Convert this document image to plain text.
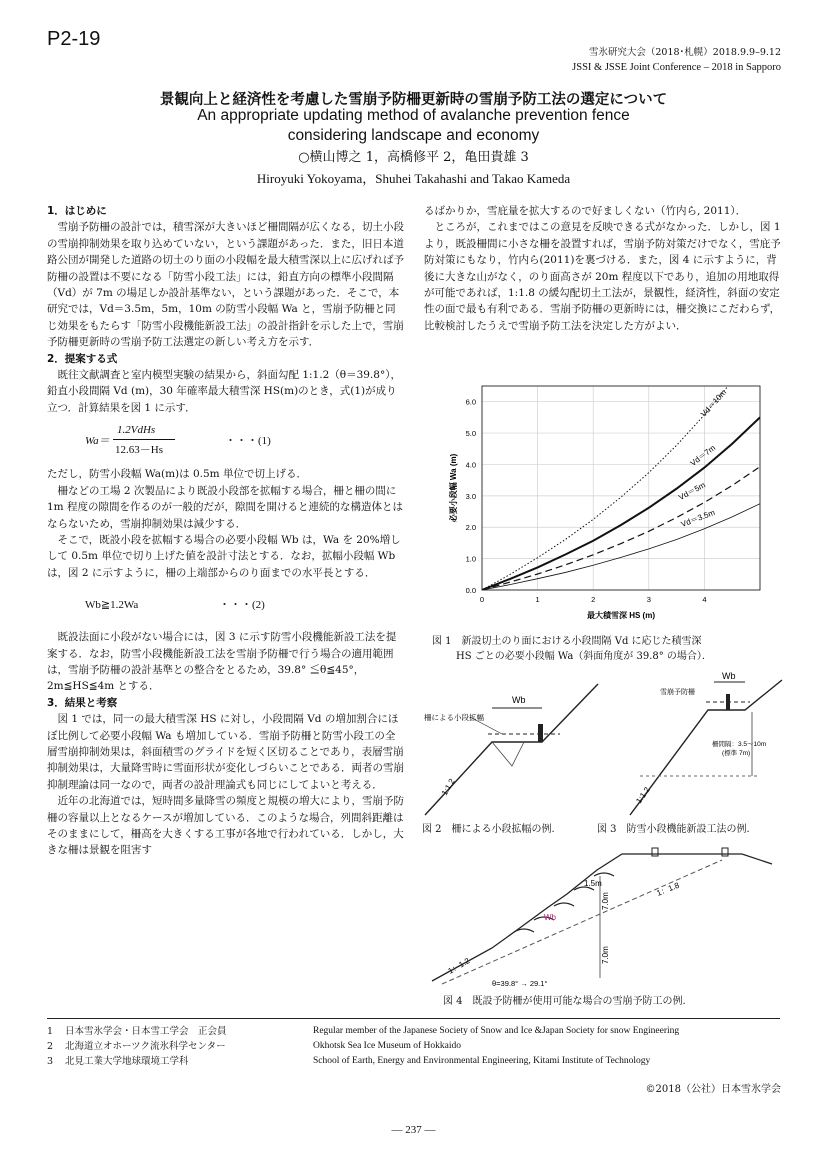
P2-19
雪氷研究大会（2018･札幌）2018.9.9–9.12
JSSI & JSSE Joint Conference – 2018 in Sapporo
景観向上と経済性を考慮した雪崩予防柵更新時の雪崩予防工法の選定について
An appropriate updating method of avalanche prevention fence
considering landscape and economy
○横山博之 1，高橋修平 2，亀田貴雄 3
Hiroyuki Yokoyama，Shuhei Takahashi and Takao Kameda
1．はじめに

雪崩予防柵の設計では，積雪深が大きいほど柵間隔が広くなる，切土小段の雪崩抑制効果を取り込めていない，という課題があった．また，旧日本道路公団が開発した道路の切土のり面の小段幅を最大積雪深以上に広げれば予防柵の設置は不要になる「防雪小段工法」には，鉛直方向の標準小段間隔（Vd）が 7m の場足しか設計基準ない，という課題があった．そこで，本研究では，Vd＝3.5m，5m，10m の防雪小段幅 Wa と，雪崩予防柵と同じ効果をもたらす「防雪小段機能新設工法」の設計指針を示した上で，雪崩予防柵更新時の雪崩予防工法選定の新しい考え方を示す．

2．提案する式

既往文献調査と室内模型実験の結果から，斜面勾配 1:1.2（θ＝39.8°），鉛直小段間隔 Vd (m)，30 年確率最大積雪深 HS(m)のとき，式(1)が成り立つ．計算結果を図 1 に示す．

Wa＝
1.2VdHs
12.63－Hs
・・・(1)

ただし，防雪小段幅 Wa(m)は 0.5m 単位で切上げる．

柵などの工場 2 次製品により既設小段部を拡幅する場合，柵と柵の間に 1m 程度の隙間を作るのが一般的だが，隙間を開けると連続的な構造体とはならないため，雪崩抑制効果は減少する．

そこで，既設小段を拡幅する場合の必要小段幅 Wb は，Wa を 20%増しして 0.5m 単位で切り上げた値を設計寸法とする．なお，拡幅小段幅 Wb は，図 2 に示すように，柵の上端部からのり面までの水平長とする．

Wb≧1.2Wa	・・・(2)

既設法面に小段がない場合には，図 3 に示す防雪小段機能新設工法を提案する．なお，防雪小段機能新設工法を雪崩予防柵で行う場合の適用範囲は，雪崩予防柵の設計基準との整合をとるため，39.8° ≦θ≦45°，2m≦HS≦4m とする．

3．結果と考察

図 1 では，同一の最大積雪深 HS に対し，小段間隔 Vd の増加割合にほぼ比例して必要小段幅 Wa も増加している．雪崩予防柵と防雪小段工の全層雪崩抑制効果は，斜面積雪のグライドを短く区切ることであり，表層雪崩抑制効果は，大量降雪時に雪面形状が変化しづらいことである．両者の雪崩抑制理論は同一なので，両者の設計理論式も同じにしてよいと考える．

近年の北海道では，短時間多量降雪の頻度と規模の増大により，雪崩予防柵の容量以上となるケースが増加している．このような場合，列間斜距離はそのままにして，柵高を大きくする工事が各地で行われている．しかし，大きな柵は景観を阻害す

るばかりか，雪庇量を拡大するので好ましくない（竹内ら, 2011）．

ところが，これまではこの意見を反映できる式がなかった．しかし，図 1 より，既設柵間に小さな柵を設置すれば，雪崩予防対策だけでなく，雪庇予防対策にもなり，竹内ら(2011)を裏づける．また，図 4 に示すように，背後に大きな山がなく，のり面高さが 20m 程度以下であり，追加の用地取得が可能であれば，1:1.8 の緩勾配切土工法が，景観性，経済性，斜面の安定性の面で最も有利である．雪崩予防柵の更新時には，柵交換にこだわらず，比較検討したうえで雪崩予防工法を決定した方がよい．

0.0
1.0
2.0
3.0
4.0
5.0
6.0
0	1	2	3	4
Vd＝10m
Vd＝7m
Vd＝5m
Vd＝3.5m
最大積雪深 HS (m)
必要小段幅 Wa (m)
図 1　新設切土のり面における小段間隔 Vd に応じた積雪深
HS ごとの必要小段幅 Wa（斜面角度が 39.8° の場合）．
Wb
柵による小段拡幅
1:1.2
Wb
雪崩予防柵
柵間隔：3.5～10m
(標準 7m)
1:1.2
図 2　柵による小段拡幅の例.	図 3　防雪小段機能新設工法の例.
1：1.8
1：1.2
1.5m
Wb
7.0m
7.0m
θ=39.8° → 29.1°
図 4　既設予防柵が使用可能な場合の雪崩予防工の例.
1	日本雪氷学会・日本雪工学会　正会員	Regular member of the Japanese Society of Snow and Ice &Japan Society for snow Engineering
2	北海道立オホーツク流氷科学センター	Okhotsk Sea Ice Museum of Hokkaido
3	北見工業大学地球環境工学科	School of Earth, Energy and Environmental Engineering, Kitami Institute of Technology
©2018（公社）日本雪氷学会
— 237 —
